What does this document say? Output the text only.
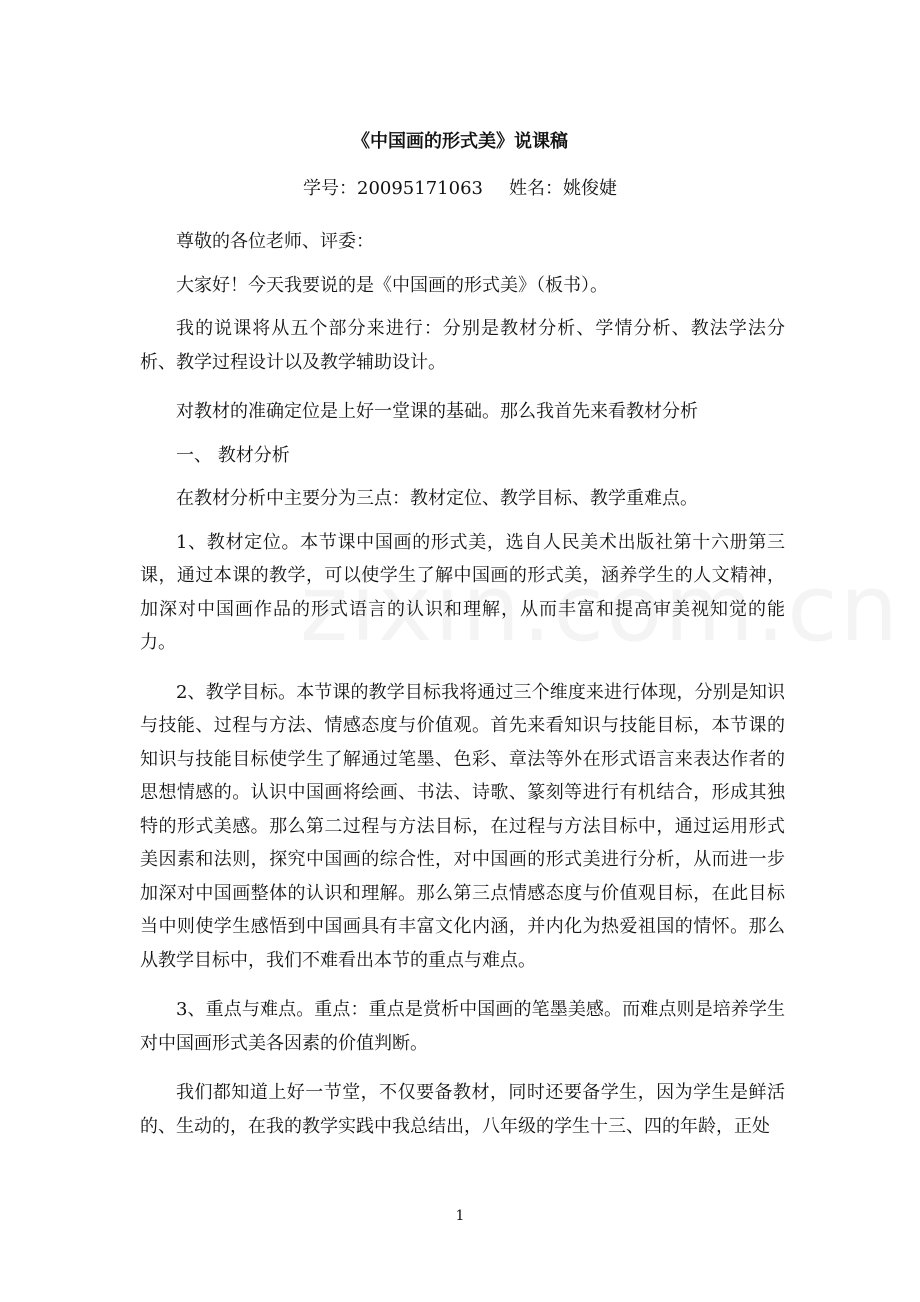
《中国画的形式美》说课稿

学号：20095171063 姓名：姚俊婕

尊敬的各位老师、评委：

大家好！今天我要说的是《中国画的形式美》（板书）。

我的说课将从五个部分来进行：分别是教材分析、学情分析、教法学法分析、教学过程设计以及教学辅助设计。

对教材的准确定位是上好一堂课的基础。那么我首先来看教材分析

一、 教材分析

在教材分析中主要分为三点：教材定位、教学目标、教学重难点。

1、教材定位。本节课中国画的形式美，选自人民美术出版社第十六册第三课，通过本课的教学，可以使学生了解中国画的形式美，涵养学生的人文精神，加深对中国画作品的形式语言的认识和理解，从而丰富和提高审美视知觉的能力。

2、教学目标。本节课的教学目标我将通过三个维度来进行体现，分别是知识与技能、过程与方法、情感态度与价值观。首先来看知识与技能目标，本节课的知识与技能目标使学生了解通过笔墨、色彩、章法等外在形式语言来表达作者的思想情感的。认识中国画将绘画、书法、诗歌、篆刻等进行有机结合，形成其独特的形式美感。那么第二过程与方法目标，在过程与方法目标中，通过运用形式美因素和法则，探究中国画的综合性，对中国画的形式美进行分析，从而进一步加深对中国画整体的认识和理解。那么第三点情感态度与价值观目标，在此目标当中则使学生感悟到中国画具有丰富文化内涵，并内化为热爱祖国的情怀。那么从教学目标中，我们不难看出本节的重点与难点。

3、重点与难点。重点：重点是赏析中国画的笔墨美感。而难点则是培养学生对中国画形式美各因素的价值判断。

我们都知道上好一节堂，不仅要备教材，同时还要备学生，因为学生是鲜活的、生动的，在我的教学实践中我总结出，八年级的学生十三、四的年龄，正处

1
